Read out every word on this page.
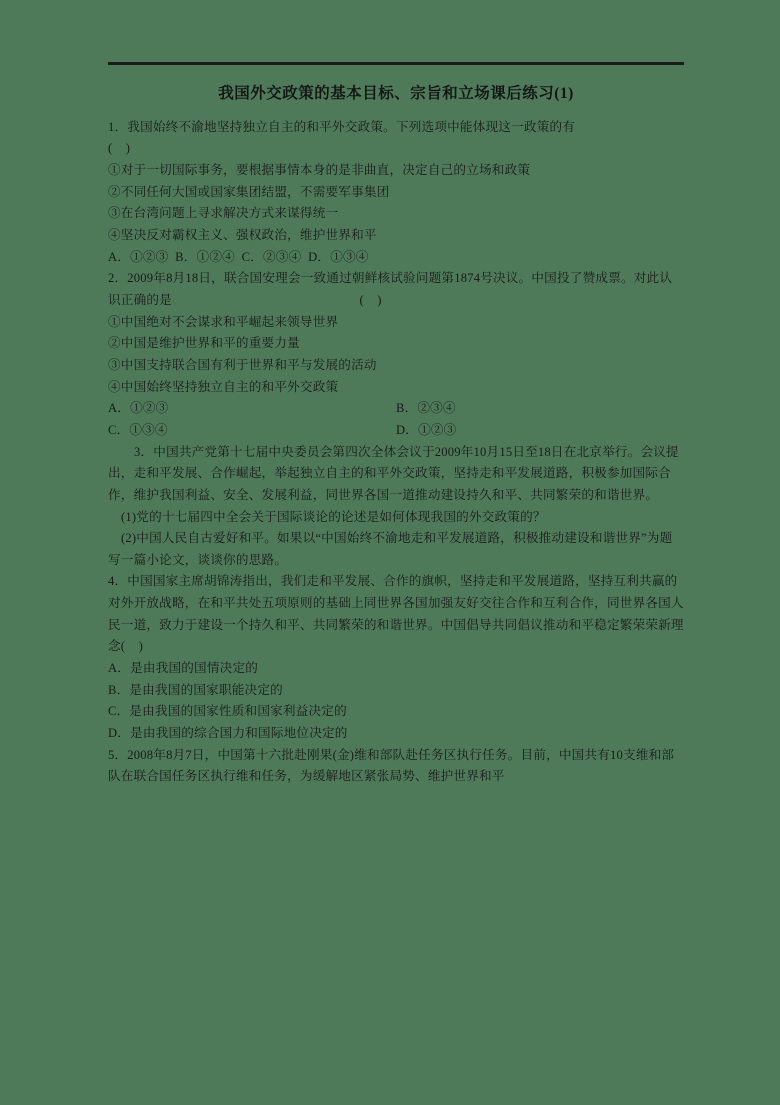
我国外交政策的基本目标、宗旨和立场课后练习(1)
1．我国始终不渝地坚持独立自主的和平外交政策。下列选项中能体现这一政策的有
(    )
①对于一切国际事务，要根据事情本身的是非曲直，决定自己的立场和政策
②不同任何大国或国家集团结盟，不需要军事集团
③在台湾问题上寻求解决方式来谋得统一
④坚决反对霸权主义、强权政治，维护世界和平
A．①②③  B．①②④  C．②③④  D．①③④
2．2009年8月18日，联合国安理会一致通过朝鲜核试验问题第1874号决议。中国投了赞成票。对此认识正确的是                                                        (    )
①中国绝对不会谋求和平崛起来领导世界
②中国是维护世界和平的重要力量
③中国支持联合国有利于世界和平与发展的活动
④中国始终坚持独立自主的和平外交政策
A．①②③	B．②③④
C．①③④	D．①②③
3．中国共产党第十七届中央委员会第四次全体会议于2009年10月15日至18日在北京举行。会议提出，走和平发展、合作崛起，举起独立自主的和平外交政策，坚持走和平发展道路，积极参加国际合作，维护我国利益、安全、发展利益，同世界各国一道推动建设持久和平、共同繁荣的和谐世界。
(1)党的十七届四中全会关于国际谈论的论述是如何体现我国的外交政策的？
(2)中国人民自古爱好和平。如果以“中国始终不渝地走和平发展道路，积极推动建设和谐世界”为题写一篇小论文，谈谈你的思路。
4．中国国家主席胡锦涛指出，我们走和平发展、合作的旗帜，坚持走和平发展道路，坚持互利共赢的对外开放战略，在和平共处五项原则的基础上同世界各国加强友好交往合作和互利合作，同世界各国人民一道，致力于建设一个持久和平、共同繁荣的和谐世界。中国倡导共同倡议推动和平稳定繁荣荣新理念(    )
A．是由我国的国情决定的
B．是由我国的国家职能决定的
C．是由我国的国家性质和国家利益决定的
D．是由我国的综合国力和国际地位决定的
5．2008年8月7日，中国第十六批赴刚果(金)维和部队赴任务区执行任务。目前，中国共有10支维和部队在联合国任务区执行维和任务，为缓解地区紧张局势、维护世界和平
